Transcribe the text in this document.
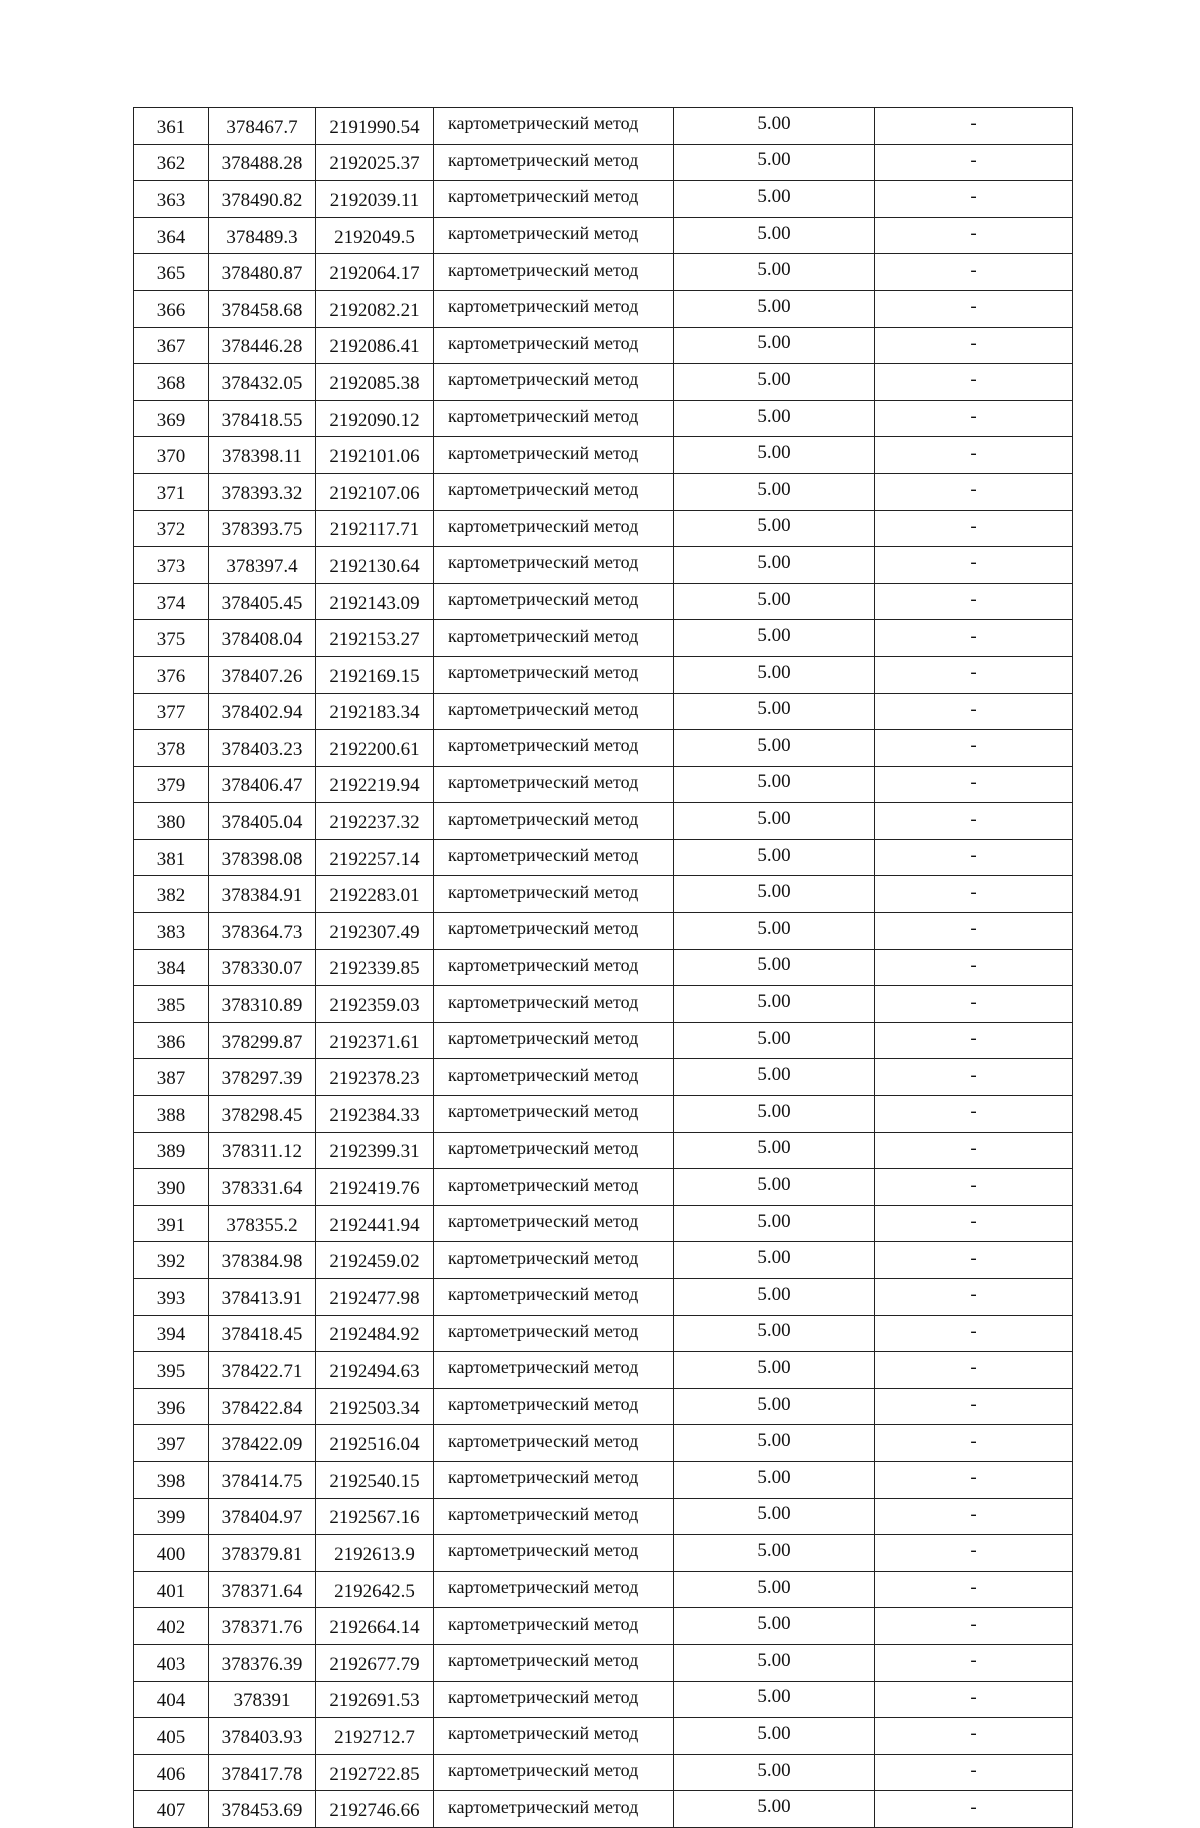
361	378467.7	2191990.54	картометрический метод	5.00	-
362	378488.28	2192025.37	картометрический метод	5.00	-
363	378490.82	2192039.11	картометрический метод	5.00	-
364	378489.3	2192049.5	картометрический метод	5.00	-
365	378480.87	2192064.17	картометрический метод	5.00	-
366	378458.68	2192082.21	картометрический метод	5.00	-
367	378446.28	2192086.41	картометрический метод	5.00	-
368	378432.05	2192085.38	картометрический метод	5.00	-
369	378418.55	2192090.12	картометрический метод	5.00	-
370	378398.11	2192101.06	картометрический метод	5.00	-
371	378393.32	2192107.06	картометрический метод	5.00	-
372	378393.75	2192117.71	картометрический метод	5.00	-
373	378397.4	2192130.64	картометрический метод	5.00	-
374	378405.45	2192143.09	картометрический метод	5.00	-
375	378408.04	2192153.27	картометрический метод	5.00	-
376	378407.26	2192169.15	картометрический метод	5.00	-
377	378402.94	2192183.34	картометрический метод	5.00	-
378	378403.23	2192200.61	картометрический метод	5.00	-
379	378406.47	2192219.94	картометрический метод	5.00	-
380	378405.04	2192237.32	картометрический метод	5.00	-
381	378398.08	2192257.14	картометрический метод	5.00	-
382	378384.91	2192283.01	картометрический метод	5.00	-
383	378364.73	2192307.49	картометрический метод	5.00	-
384	378330.07	2192339.85	картометрический метод	5.00	-
385	378310.89	2192359.03	картометрический метод	5.00	-
386	378299.87	2192371.61	картометрический метод	5.00	-
387	378297.39	2192378.23	картометрический метод	5.00	-
388	378298.45	2192384.33	картометрический метод	5.00	-
389	378311.12	2192399.31	картометрический метод	5.00	-
390	378331.64	2192419.76	картометрический метод	5.00	-
391	378355.2	2192441.94	картометрический метод	5.00	-
392	378384.98	2192459.02	картометрический метод	5.00	-
393	378413.91	2192477.98	картометрический метод	5.00	-
394	378418.45	2192484.92	картометрический метод	5.00	-
395	378422.71	2192494.63	картометрический метод	5.00	-
396	378422.84	2192503.34	картометрический метод	5.00	-
397	378422.09	2192516.04	картометрический метод	5.00	-
398	378414.75	2192540.15	картометрический метод	5.00	-
399	378404.97	2192567.16	картометрический метод	5.00	-
400	378379.81	2192613.9	картометрический метод	5.00	-
401	378371.64	2192642.5	картометрический метод	5.00	-
402	378371.76	2192664.14	картометрический метод	5.00	-
403	378376.39	2192677.79	картометрический метод	5.00	-
404	378391	2192691.53	картометрический метод	5.00	-
405	378403.93	2192712.7	картометрический метод	5.00	-
406	378417.78	2192722.85	картометрический метод	5.00	-
407	378453.69	2192746.66	картометрический метод	5.00	-
